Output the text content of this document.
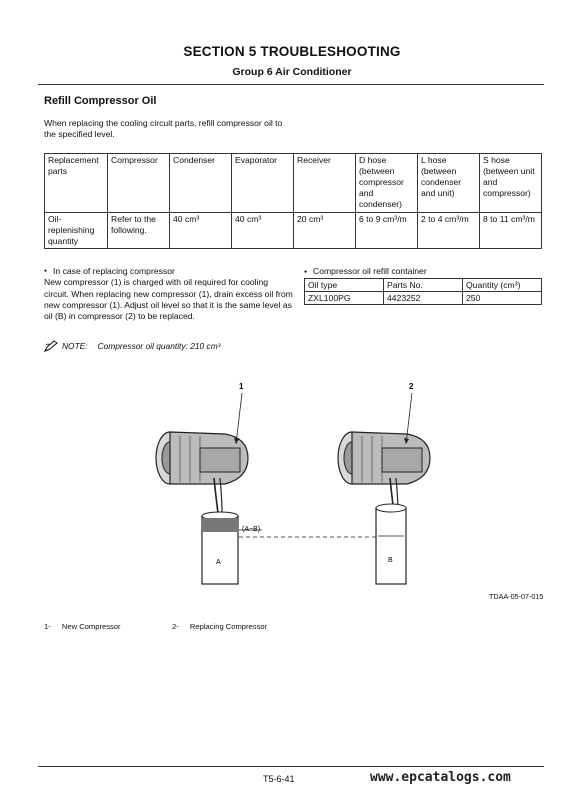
SECTION 5 TROUBLESHOOTING
Group 6 Air Conditioner
Refill Compressor Oil
When replacing the cooling circuit parts, refill compressor oil to the specified level.
Replacement parts	Compressor	Condenser	Evaporator	Receiver	D hose (between compressor and condenser)	L hose (between condenser and unit)	S hose (between unit and compressor)
Oil-replenishing quantity	Refer to the following.	40 cm³	40 cm³	20 cm³	6 to 9 cm³/m	2 to 4 cm³/m	8 to 11 cm³/m
● In case of replacing compressor
New compressor (1) is charged with oil required for cooling circuit. When replacing new compressor (1), drain excess oil from new compressor (1). Adjust oil level so that it is the same level as oil (B) in compressor (2) to be replaced.
NOTE: Compressor oil quantity: 210 cm³
● Compressor oil refill container
Oil type	Parts No.	Quantity (cm³)
ZXL100PG	4423252	250
A
(A−B)
B
1	2
TDAA-05-07-015
1- New Compressor	2- Replacing Compressor
T5-6-41	www.epcatalogs.com
